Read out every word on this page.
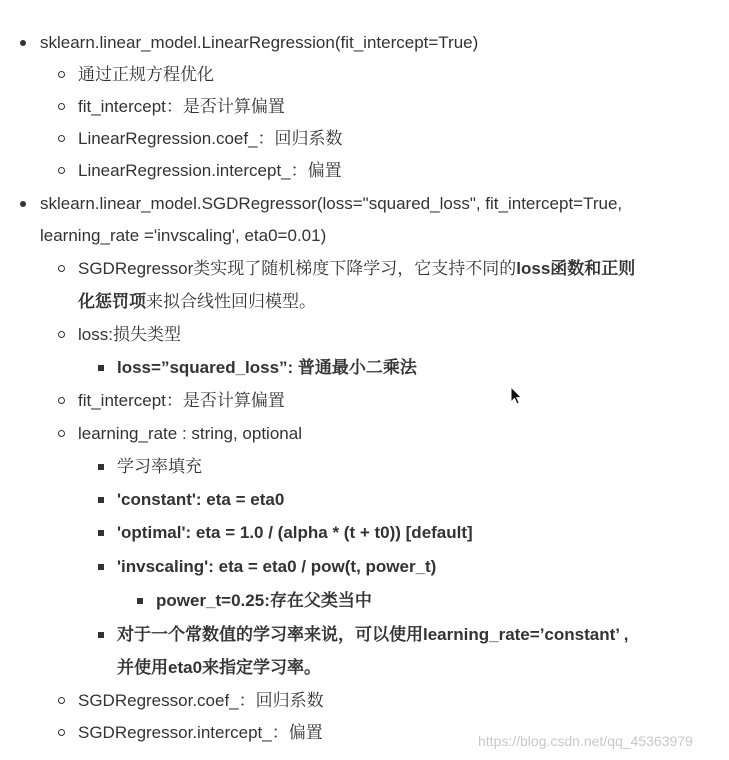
sklearn.linear_model.LinearRegression(fit_intercept=True)
通过正规方程优化
fit_intercept：是否计算偏置
LinearRegression.coef_：回归系数
LinearRegression.intercept_：偏置
sklearn.linear_model.SGDRegressor(loss="squared_loss", fit_intercept=True,
learning_rate ='invscaling', eta0=0.01)
SGDRegressor类实现了随机梯度下降学习，它支持不同的loss函数和正则
化惩罚项来拟合线性回归模型。
loss:损失类型
loss=”squared_loss”: 普通最小二乘法
fit_intercept：是否计算偏置
learning_rate : string, optional
学习率填充
'constant': eta = eta0
'optimal': eta = 1.0 / (alpha * (t + t0)) [default]
'invscaling': eta = eta0 / pow(t, power_t)
power_t=0.25:存在父类当中
对于一个常数值的学习率来说，可以使用learning_rate=’constant’ ,
并使用eta0来指定学习率。
SGDRegressor.coef_：回归系数
SGDRegressor.intercept_：偏置	https://blog.csdn.net/qq_45363979
